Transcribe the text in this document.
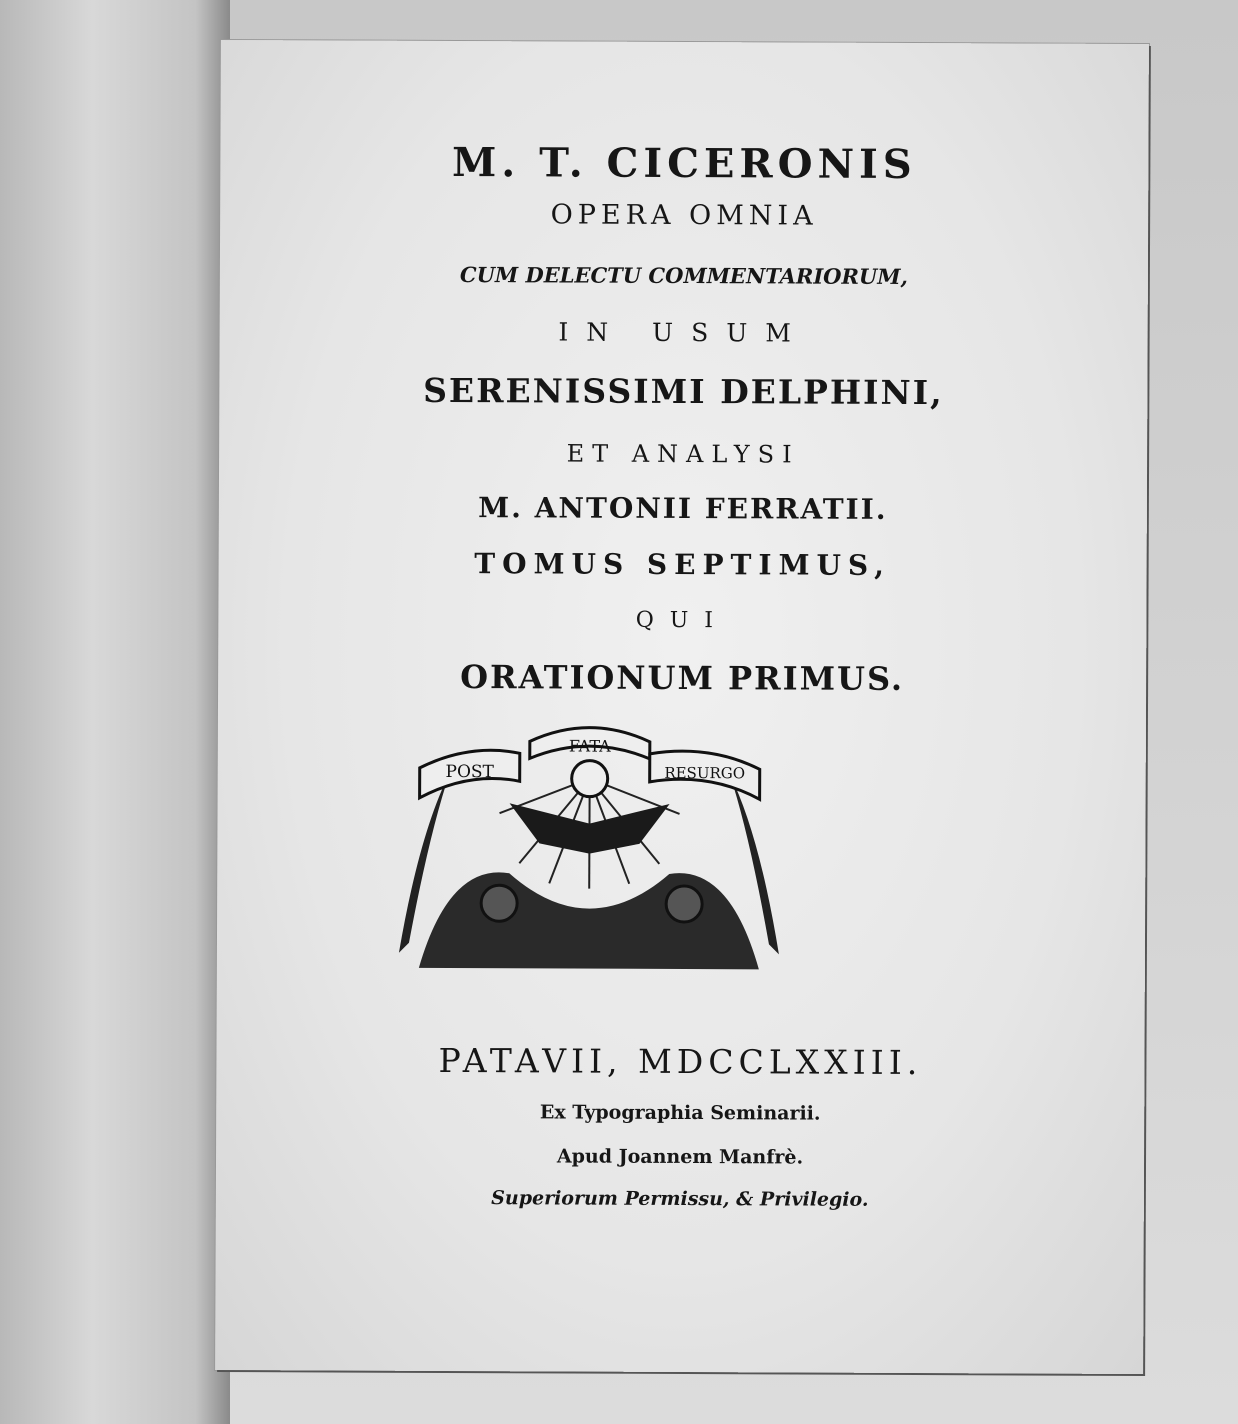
M. T. CICERONIS
OPERA OMNIA
CUM DELECTU COMMENTARIORUM,
IN USUM
SERENISSIMI DELPHINI,
ET ANALYSI
M. ANTONII FERRATII.
TOMUS SEPTIMUS,
QUI
ORATIONUM PRIMUS.
POST
FATA
RESURGO
PATAVII, MDCCLXXIII.
Ex Typographia Seminarii.
Apud Joannem Manfrè.
Superiorum Permissu, & Privilegio.
